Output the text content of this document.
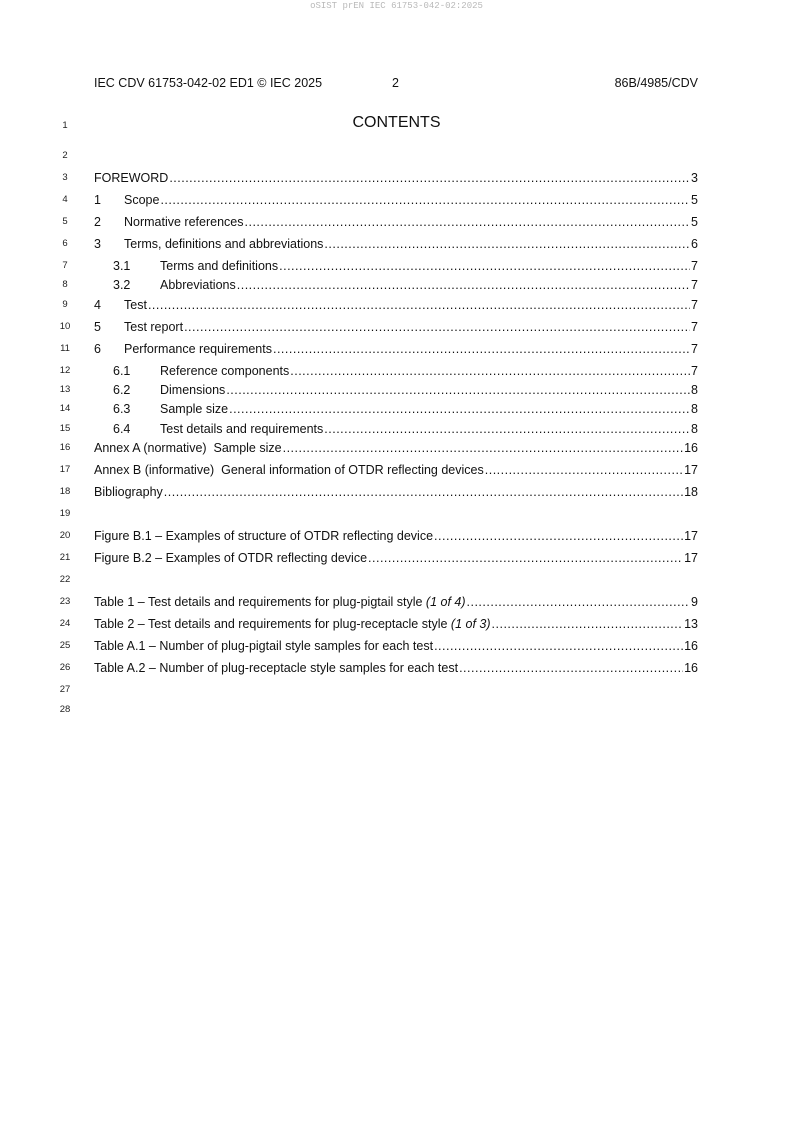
oSIST prEN IEC 61753-042-02:2025
IEC CDV 61753-042-02 ED1 © IEC 2025	2	86B/4985/CDV
CONTENTS
1
2
3
4
5
6
7
8
9
10
11
12
13
14
15
16
17
18
19
20
21
22
23
24
25
26
27
28
FOREWORD .....	3
1	Scope .....	5
2	Normative references .....	5
3	Terms, definitions and abbreviations .....	6
3.1	Terms and definitions .....	7
3.2	Abbreviations .....	7
4	Test .....	7
5	Test report .....	7
6	Performance requirements .....	7
6.1	Reference components .....	7
6.2	Dimensions .....	8
6.3	Sample size .....	8
6.4	Test details and requirements .....	8
Annex A (normative)  Sample size .....	16
Annex B (informative)  General information of OTDR reflecting devices .....	17
Bibliography .....	18
Figure B.1 – Examples of structure of OTDR reflecting device .....	17
Figure B.2 – Examples of OTDR reflecting device .....	17
Table 1 – Test details and requirements for plug-pigtail style (1 of 4) .....	9
Table 2 – Test details and requirements for plug-receptacle style (1 of 3) .....	13
Table A.1 – Number of plug-pigtail style samples for each test .....	16
Table A.2 – Number of plug-receptacle style samples for each test .....	16
